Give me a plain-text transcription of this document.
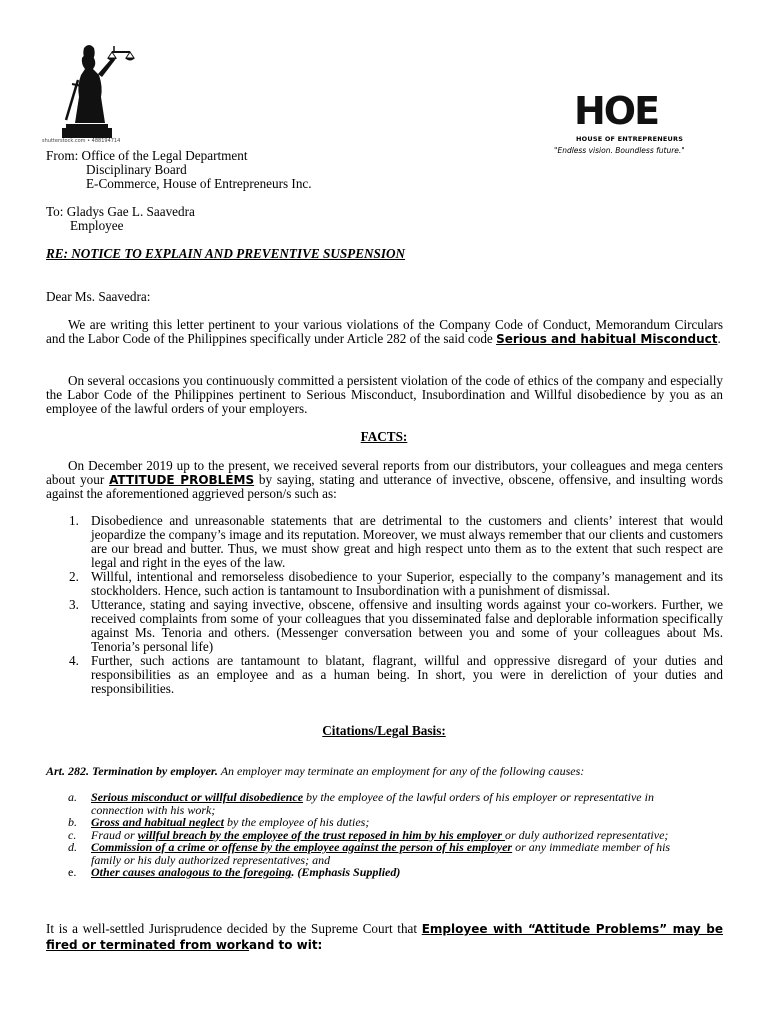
shutterstock.com • 488194714
HOE
HOUSE OF ENTREPRENEURS
"Endless vision. Boundless future."
From: Office of the Legal Department
Disciplinary Board
E-Commerce, House of Entrepreneurs Inc.
To: Gladys Gae L. Saavedra
Employee
RE: NOTICE TO EXPLAIN AND PREVENTIVE SUSPENSION
Dear Ms. Saavedra:
We are writing this letter pertinent to your various violations of the Company Code of Conduct, Memorandum Circulars and the Labor Code of the Philippines specifically under Article 282 of the said code Serious and habitual Misconduct.
On several occasions you continuously committed a persistent violation of the code of ethics of the company and especially the Labor Code of the Philippines pertinent to Serious Misconduct, Insubordination and Willful disobedience by you as an employee of the lawful orders of your employers.
FACTS:
On December 2019 up to the present, we received several reports from our distributors, your colleagues and mega centers about your ATTITUDE PROBLEMS by saying, stating and utterance of invective, obscene, offensive, and insulting words against the aforementioned aggrieved person/s such as:
1. Disobedience and unreasonable statements that are detrimental to the customers and clients’ interest that would jeopardize the company’s image and its reputation. Moreover, we must always remember that our clients and customers are our bread and butter. Thus, we must show great and high respect unto them as to the extent that such respect are legal and right in the eyes of the law.
2. Willful, intentional and remorseless disobedience to your Superior, especially to the company’s management and its stockholders. Hence, such action is tantamount to Insubordination with a punishment of dismissal.
3. Utterance, stating and saying invective, obscene, offensive and insulting words against your co-workers. Further, we received complaints from some of your colleagues that you disseminated false and deplorable information specifically against Ms. Tenoria and others. (Messenger conversation between you and some of your colleagues about Ms. Tenoria’s personal life)
4. Further, such actions are tantamount to blatant, flagrant, willful and oppressive disregard of your duties and responsibilities as an employee and as a human being. In short, you were in dereliction of your duties and responsibilities.
Citations/Legal Basis:
Art. 282. Termination by employer. An employer may terminate an employment for any of the following causes:
a. Serious misconduct or willful disobedience by the employee of the lawful orders of his employer or representative in connection with his work;
b. Gross and habitual neglect by the employee of his duties;
c. Fraud or willful breach by the employee of the trust reposed in him by his employer or duly authorized representative;
d. Commission of a crime or offense by the employee against the person of his employer or any immediate member of his family or his duly authorized representatives; and
e. Other causes analogous to the foregoing. (Emphasis Supplied)
It is a well-settled Jurisprudence decided by the Supreme Court that Employee with “Attitude Problems” may be fired or terminated from workand to wit:
